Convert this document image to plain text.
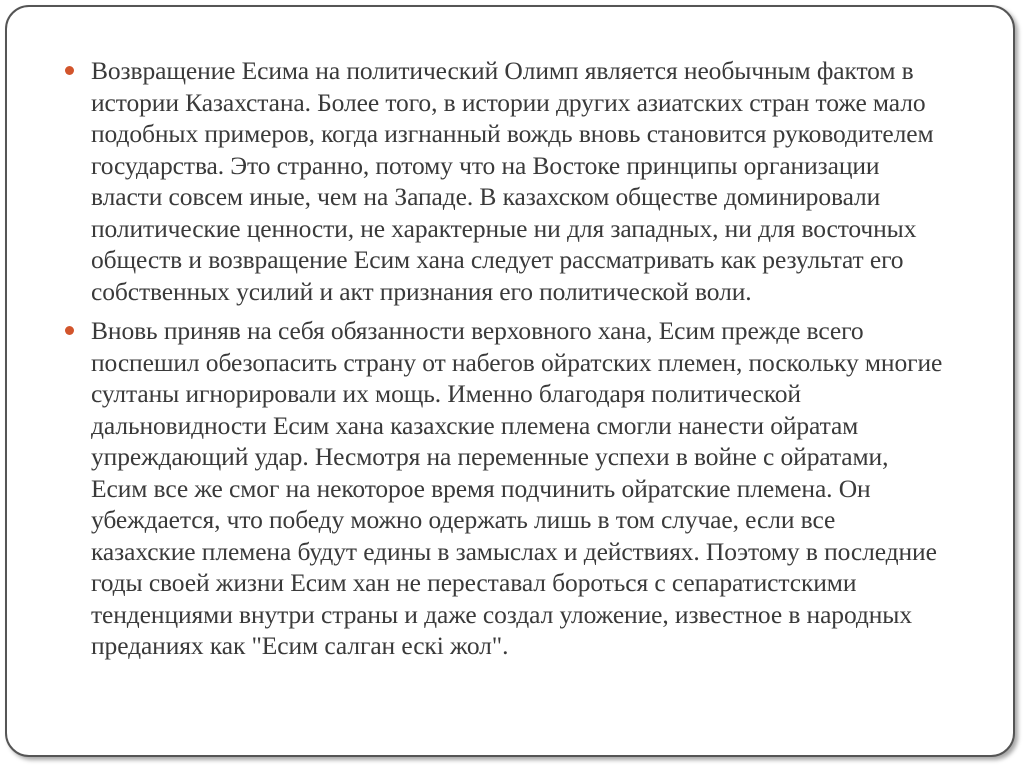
Возвращение Есима на политический Олимп является необычным фактом в истории Казахстана. Более того, в истории других азиатских стран тоже мало подобных примеров, когда изгнанный вождь вновь становится руководителем государства. Это странно, потому что на Востоке принципы организации власти совсем иные, чем на Западе. В казахском обществе доминировали политические ценности, не характерные ни для западных, ни для восточных обществ и возвращение Есим хана следует рассматривать как результат его собственных усилий и акт признания его политической воли.
Вновь приняв на себя обязанности верховного хана, Есим прежде всего поспешил обезопасить страну от набегов ойратских племен, поскольку многие султаны игнорировали их мощь. Именно благодаря политической дальновидности Есим хана казахские племена смогли нанести ойратам упреждающий удар. Несмотря на переменные успехи в войне с ойратами, Есим все же смог на некоторое время подчинить ойратские племена. Он убеждается, что победу можно одержать лишь в том случае, если все казахские племена будут едины в замыслах и действиях. Поэтому в последние годы своей жизни Есим хан не переставал бороться с сепаратистскими тенденциями внутри страны и даже создал уложение, известное в народных преданиях как "Есим салган ескi жол".
